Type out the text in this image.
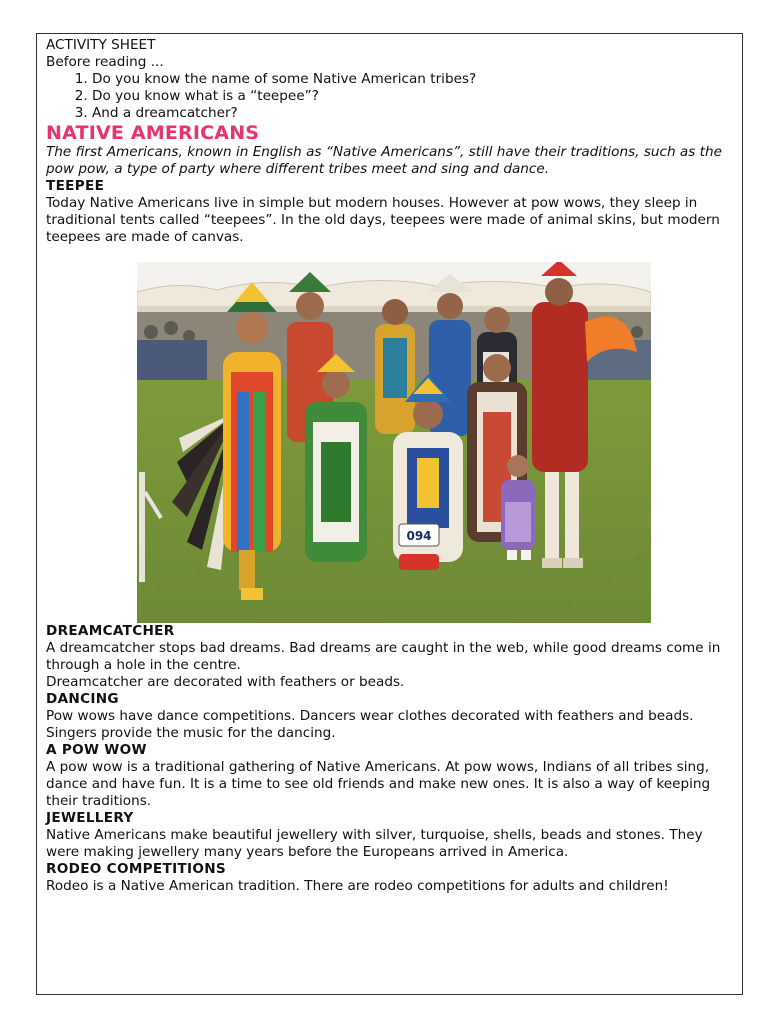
ACTIVITY SHEET

Before reading ...

1. Do you know the name of some Native American tribes?
2. Do you know what is a “teepee”?
3. And a dreamcatcher?

NATIVE AMERICANS

The first Americans, known in English as “Native Americans”, still have their traditions, such as the pow pow, a type of party where different tribes meet and sing and dance.

TEEPEE

Today Native Americans live in simple but modern houses. However at pow wows, they sleep in traditional tents called “teepees”. In the old days, teepees were made of animal skins, but modern teepees are made of canvas.

094

DREAMCATCHER

A dreamcatcher stops bad dreams. Bad dreams are caught in the web, while good dreams come in through a hole in the centre.

Dreamcatcher are decorated with feathers or beads.

DANCING

Pow wows have dance competitions. Dancers wear clothes decorated with feathers and beads. Singers provide the music for the dancing.

A POW WOW

A pow wow is a traditional gathering of Native Americans. At pow wows, Indians of all tribes sing, dance and have fun. It is a time to see old friends and make new ones. It is also a way of keeping their traditions.

JEWELLERY

Native Americans make beautiful jewellery with silver, turquoise, shells, beads and stones. They were making jewellery many years before the Europeans arrived in America.

RODEO COMPETITIONS

Rodeo is a Native American tradition. There are rodeo competitions for adults and children!
